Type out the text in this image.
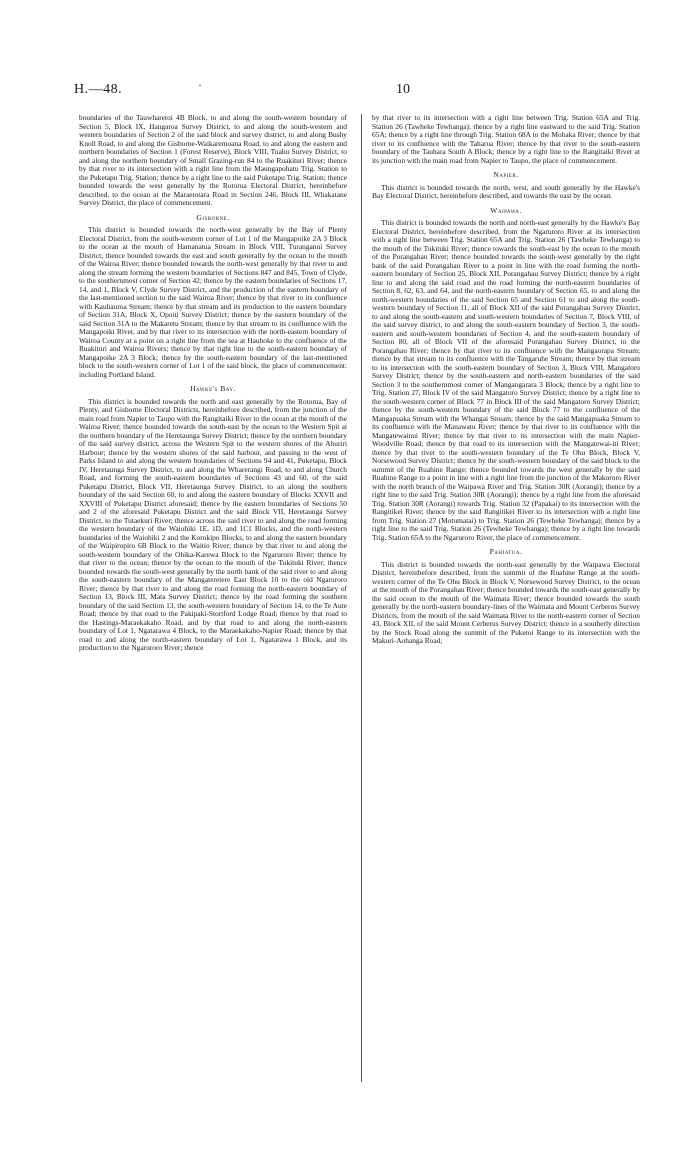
H.—48.	·	10

boundaries of the Tauwharetoi 4B Block, to and along the south-western boundary of Section 5, Block IX, Hangaroa Survey District, to and along the south-western and western boundaries of Section 2 of the said block and survey district, to and along Bushy Knoll Road, to and along the Gisborne-Waikaremoana Road, to and along the eastern and northern boundaries of Section 1 (Forest Reserve), Block VIII, Tuahu Survey District, to and along the northern boundary of Small Grazing-run 84 to the Ruakituri River; thence by that river to its intersection with a right line from the Maungapohatu Trig. Station to the Puketapu Trig. Station; thence by a right line to the said Puketapu Trig. Station; thence bounded towards the west generally by the Rotorua Electoral District, hereinbefore described, to the ocean at the Maraetotara Road in Section 246, Block III, Whakatane Survey District, the place of commencement.

Gisborne.

This district is bounded towards the north-west generally by the Bay of Plenty Electoral District, from the south-western corner of Lot 1 of the Mangapoike 2A 3 Block to the ocean at the mouth of Hamanatua Stream in Block VIII, Turanganui Survey District; thence bounded towards the east and south generally by the ocean to the mouth of the Wairoa River; thence bounded towards the north-west generally by that river to and along the stream forming the western boundaries of Sections 847 and 845, Town of Clyde, to the southernmost corner of Section 42; thence by the eastern boundaries of Sections 17, 14, and 1, Block V, Clyde Survey District, and the production of the eastern boundary of the last-mentioned section to the said Wairoa River; thence by that river to its confluence with Kauhauroa Stream; thence by that stream and its production to the eastern boundary of Section 31A, Block X, Opoiti Survey District; thence by the eastern boundary of the said Section 31A to the Makaretu Stream; thence by that stream to its confluence with the Mangapoiki River, and by that river to its intersection with the north-eastern boundary of Wairoa County at a point on a right line from the sea at Hauhoke to the confluence of the Ruakituri and Wairoa Rivers; thence by that right line to the south-eastern boundary of Mangapoike 2A 3 Block; thence by the south-eastern boundary of the last-mentioned block to the south-western corner of Lot 1 of the said block, the place of commencement: including Portland Island.

Hawke's Bay.

This district is bounded towards the north and east generally by the Rotorua, Bay of Plenty, and Gisborne Electoral Districts, hereinbefore described, from the junction of the main road from Napier to Taupo with the Rangitaiki River to the ocean at the mouth of the Wairoa River; thence bounded towards the south-east by the ocean to the Western Spit at the northern boundary of the Heretaunga Survey District; thence by the northern boundary of the said survey district, across the Western Spit to the western shores of the Ahuriri Harbour; thence by the western shores of the said harbour, and passing to the west of Parks Island to and along the western boundaries of Sections 94 and 41, Puketapu, Block IV, Heretaunga Survey District, to and along the Wharerangi Road, to and along Church Road, and forming the south-eastern boundaries of Sections 43 and 60, of the said Puketapu District, Block VII, Heretaunga Survey District, to an along the southern boundary of the said Section 60, to and along the eastern boundary of Blocks XXVII and XXVIII of Puketapu District aforesaid; thence by the eastern boundaries of Sections 50 and 2 of the aforesaid Puketapu District and the said Block VII, Heretaunga Survey District, to the Tutaekuri River; thence across the said river to and along the road forming the western boundary of the Waiohiki 1E, 1D, and 1C1 Blocks, and the north-western boundaries of the Waiohiki 2 and the Korokipo Blocks, to and along the eastern boundary of the Waipiropiro 6B Block to the Waitio River; thence by that river to and along the south-western boundary of the Ohika-Karewa Block to the Ngaruroro River; thence by that river to the ocean; thence by the ocean to the mouth of the Tukituki River; thence bounded towards the south-west generally by the north bank of the said river to and along the south-eastern boundary of the Mangateretere East Block 10 to the old Ngaruroro River; thence by that river to and along the road forming the north-eastern boundary of Section 13, Block III, Mata Survey District; thence by the road forming the southern boundary of the said Section 13, the south-western boundary of Section 14, to the Te Aute Road; thence by that road to the Pakipaki-Stortford Lodge Road; thence by that road to the Hastings-Maraekakaho Road, and by that road to and along the north-eastern boundary of Lot 1, Ngatarawa 4 Block, to the Maraekakaho-Napier Road; thence by that road to and along the north-eastern boundary of Lot 1, Ngatarawa 1 Block, and its production to the Ngaruroro River; thence

by that river to its intersection with a right line between Trig. Station 65A and Trig. Station 26 (Tawheke Tewhanga); thence by a right line eastward to the said Trig. Station 65A; thence by a right line through Trig. Station 68A to the Mohaka River; thence by that river to its confluence with the Taharua River; thence by that river to the south-eastern boundary of the Tauhara South A Block; thence by a right line to the Rangitaiki River at its junction with the main road from Napier to Taupo, the place of commencement.

Napier.

This district is bounded towards the north, west, and south generally by the Hawke's Bay Electoral District, hereinbefore described, and towards the east by the ocean.

Waipawa.

This district is bounded towards the north and north-east generally by the Hawke's Bay Electoral District, hereinbefore described, from the Ngaruroro River at its intersection with a right line between Trig. Station 65A and Trig. Station 26 (Tawheke Tewhanga) to the mouth of the Tukituki River; thence towards the south-east by the ocean to the mouth of the Porangahau River; thence bounded towards the south-west generally by the right bank of the said Porangahau River to a point in line with the road forming the north-eastern boundary of Section 25, Block XII, Porangahau Survey District; thence by a right line to and along the said road and the road forming the north-eastern boundaries of Section 8, 62, 63, and 64, and the north-eastern boundary of Section 65, to and along the north-western boundaries of the said Section 65 and Section 61 to and along the south-western boundary of Section 11, all of Block XII of the said Porangahau Survey District, to and along the south-eastern and south-western boundaries of Section 7, Block VIII, of the said survey district, to and along the south-eastern boundary of Section 3, the south-eastern and south-western boundaries of Section 4, and the south-eastern boundary of Section 80, all of Block VII of the aforesaid Porangahau Survey District, to the Porangahau River; thence by that river to its confluence with the Mangaorapa Stream; thence by that stream to its confluence with the Tangaruhe Stream; thence by that stream to its intersection with the south-eastern boundary of Section 3, Block VIII, Mangatoro Survey District; thence by the south-eastern and north-eastern boundaries of the said Section 3 to the southernmost corner of Mangangarara 3 Block; thence by a right line to Trig. Station 27, Block IV of the said Mangatoro Survey District; thence by a right line to the south-western corner of Block 77 in Block III of the said Mangatoro Survey District; thence by the south-western boundary of the said Block 77 to the confluence of the Mangapuaka Stream with the Whangai Stream; thence by the said Mangapuaka Stream to its confluence with the Manawatu River; thence by that river to its confluence with the Mangatewainui River; thence by that river to its intersection with the main Napier-Woodville Road; thence by that road to its intersection with the Mangatewai-iti River; thence by that river to the south-western boundary of the Te Ohu Block, Block V, Norsewood Survey District; thence by the south-western boundary of the said block to the summit of the Ruahine Range; thence bounded towards the west generally by the said Ruahine Range to a point in line with a right line from the junction of the Makororo River with the north branch of the Waipawa River and Trig. Station 30R (Aorangi); thence by a right line to the said Trig. Station 30R (Aorangi); thence by a right line from the aforesaid Trig. Station 30R (Aorangi) towards Trig. Station 32 (Papakai) to its intersection with the Rangitikei River; thence by the said Rangitikei River to its intersection with a right line from Trig. Station 27 (Motumatai) to Trig. Station 26 (Tewheke Tewhanga); thence by a right line to the said Trig. Station 26 (Tewheke Tewhanga); thence by a right line towards Trig. Station 65A to the Ngaruroro River, the place of commencement.

Pahiatua.

This district is bounded towards the north-east generally by the Waipawa Electoral District, hereinbefore described, from the summit of the Ruahine Range at the south-western corner of the Te Ohu Block in Block V, Norsewood Survey District, to the ocean at the mouth of the Porangahau River; thence bounded towards the south-east generally by the said ocean to the mouth of the Waimata River; thence bounded towards the south generally by the north-eastern boundary-lines of the Waimata and Mount Cerberus Survey Districts, from the mouth of the said Waimata River to the north-eastern corner of Section 43, Block XII, of the said Mount Cerberus Survey District; thence in a southerly direction by the Stock Road along the summit of the Puketoi Range to its intersection with the Makuri-Aohanga Road;
